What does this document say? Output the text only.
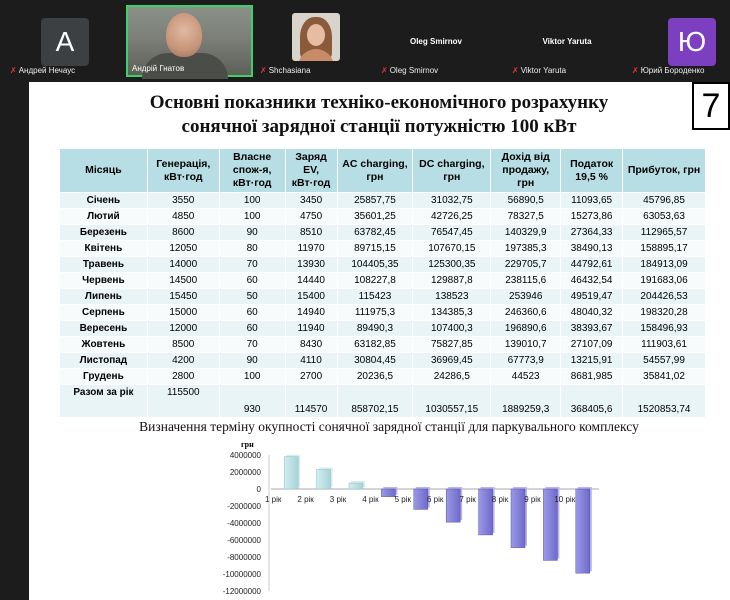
А
✗ Андрей Нечаус	Андрій Гнатов	✗ Shchasiana
Oleg Smirnov
✗ Oleg Smirnov
Viktor Yaruta
✗ Viktor Yaruta
Ю
✗ Юрий Бороденко
7
Основні показники техніко-економічного розрахунку
сонячної зарядної станції потужністю 100 кВт
Місяць	Генерація, кВт·год	Власне спож-я, кВт·год	Заряд EV, кВт·год	AC charging, грн	DC charging, грн	Дохід від продажу, грн	Податок 19,5 %	Прибуток, грн
Січень	3550	100	3450	25857,75	31032,75	56890,5	11093,65	45796,85
Лютий	4850	100	4750	35601,25	42726,25	78327,5	15273,86	63053,63
Березень	8600	90	8510	63782,45	76547,45	140329,9	27364,33	112965,57
Квітень	12050	80	11970	89715,15	107670,15	197385,3	38490,13	158895,17
Травень	14000	70	13930	104405,35	125300,35	229705,7	44792,61	184913,09
Червень	14500	60	14440	108227,8	129887,8	238115,6	46432,54	191683,06
Липень	15450	50	15400	115423	138523	253946	49519,47	204426,53
Серпень	15000	60	14940	111975,3	134385,3	246360,6	48040,32	198320,28
Вересень	12000	60	11940	89490,3	107400,3	196890,6	38393,67	158496,93
Жовтень	8500	70	8430	63182,85	75827,85	139010,7	27107,09	111903,61
Листопад	4200	90	4110	30804,45	36969,45	67773,9	13215,91	54557,99
Грудень	2800	100	2700	20236,5	24286,5	44523	8681,985	35841,02
Разом за рік	115500	930	114570	858702,15	1030557,15	1889259,3	368405,6	1520853,74
Визначення терміну окупності сонячної зарядної станції для паркувального комплексу
грн
4000000
2000000
0
-2000000
-4000000
-6000000
-8000000
-10000000
-12000000
1 рік 2 рік 3 рік 4 рік 5 рік 6 рік 7 рік 8 рік 9 рік 10 рік
